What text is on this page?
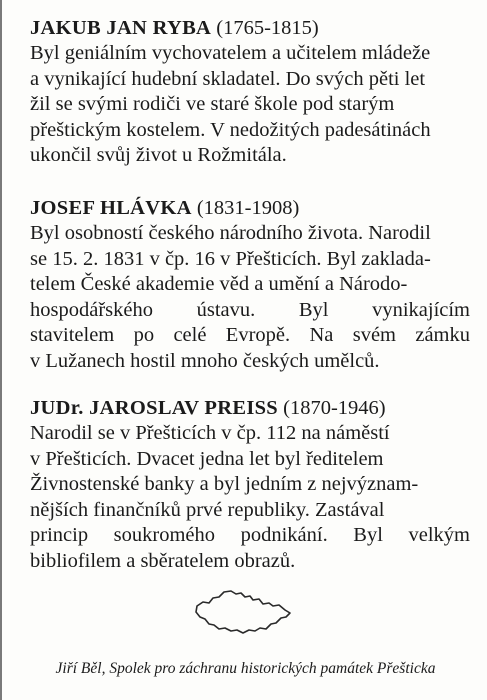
JAKUB JAN RYBA (1765-1815)
Byl geniálním vychovatelem a učitelem mládeže
a vynikající hudební skladatel. Do svých pěti let
žil se svými rodiči ve staré škole pod starým
přeštickým kostelem. V nedožitých padesátinách
ukončil svůj život u Rožmitála.
JOSEF HLÁVKA (1831-1908)
Byl osobností českého národního života. Narodil
se 15. 2. 1831 v čp. 16 v Přešticích. Byl zaklada-
telem České akademie věd a umění a Národo-
hospodářského ústavu. Byl vynikajícím
stavitelem po celé Evropě. Na svém zámku
v Lužanech hostil mnoho českých umělců.
JUDr. JAROSLAV PREISS (1870-1946)
Narodil se v Přešticích v čp. 112 na náměstí
v Přešticích. Dvacet jedna let byl ředitelem
Živnostenské banky a byl jedním z nejvýznam-
nějších finančníků prvé republiky. Zastával
princip soukromého podnikání. Byl velkým
bibliofilem a sběratelem obrazů.
Jiří Běl, Spolek pro záchranu historických památek Přešticka
